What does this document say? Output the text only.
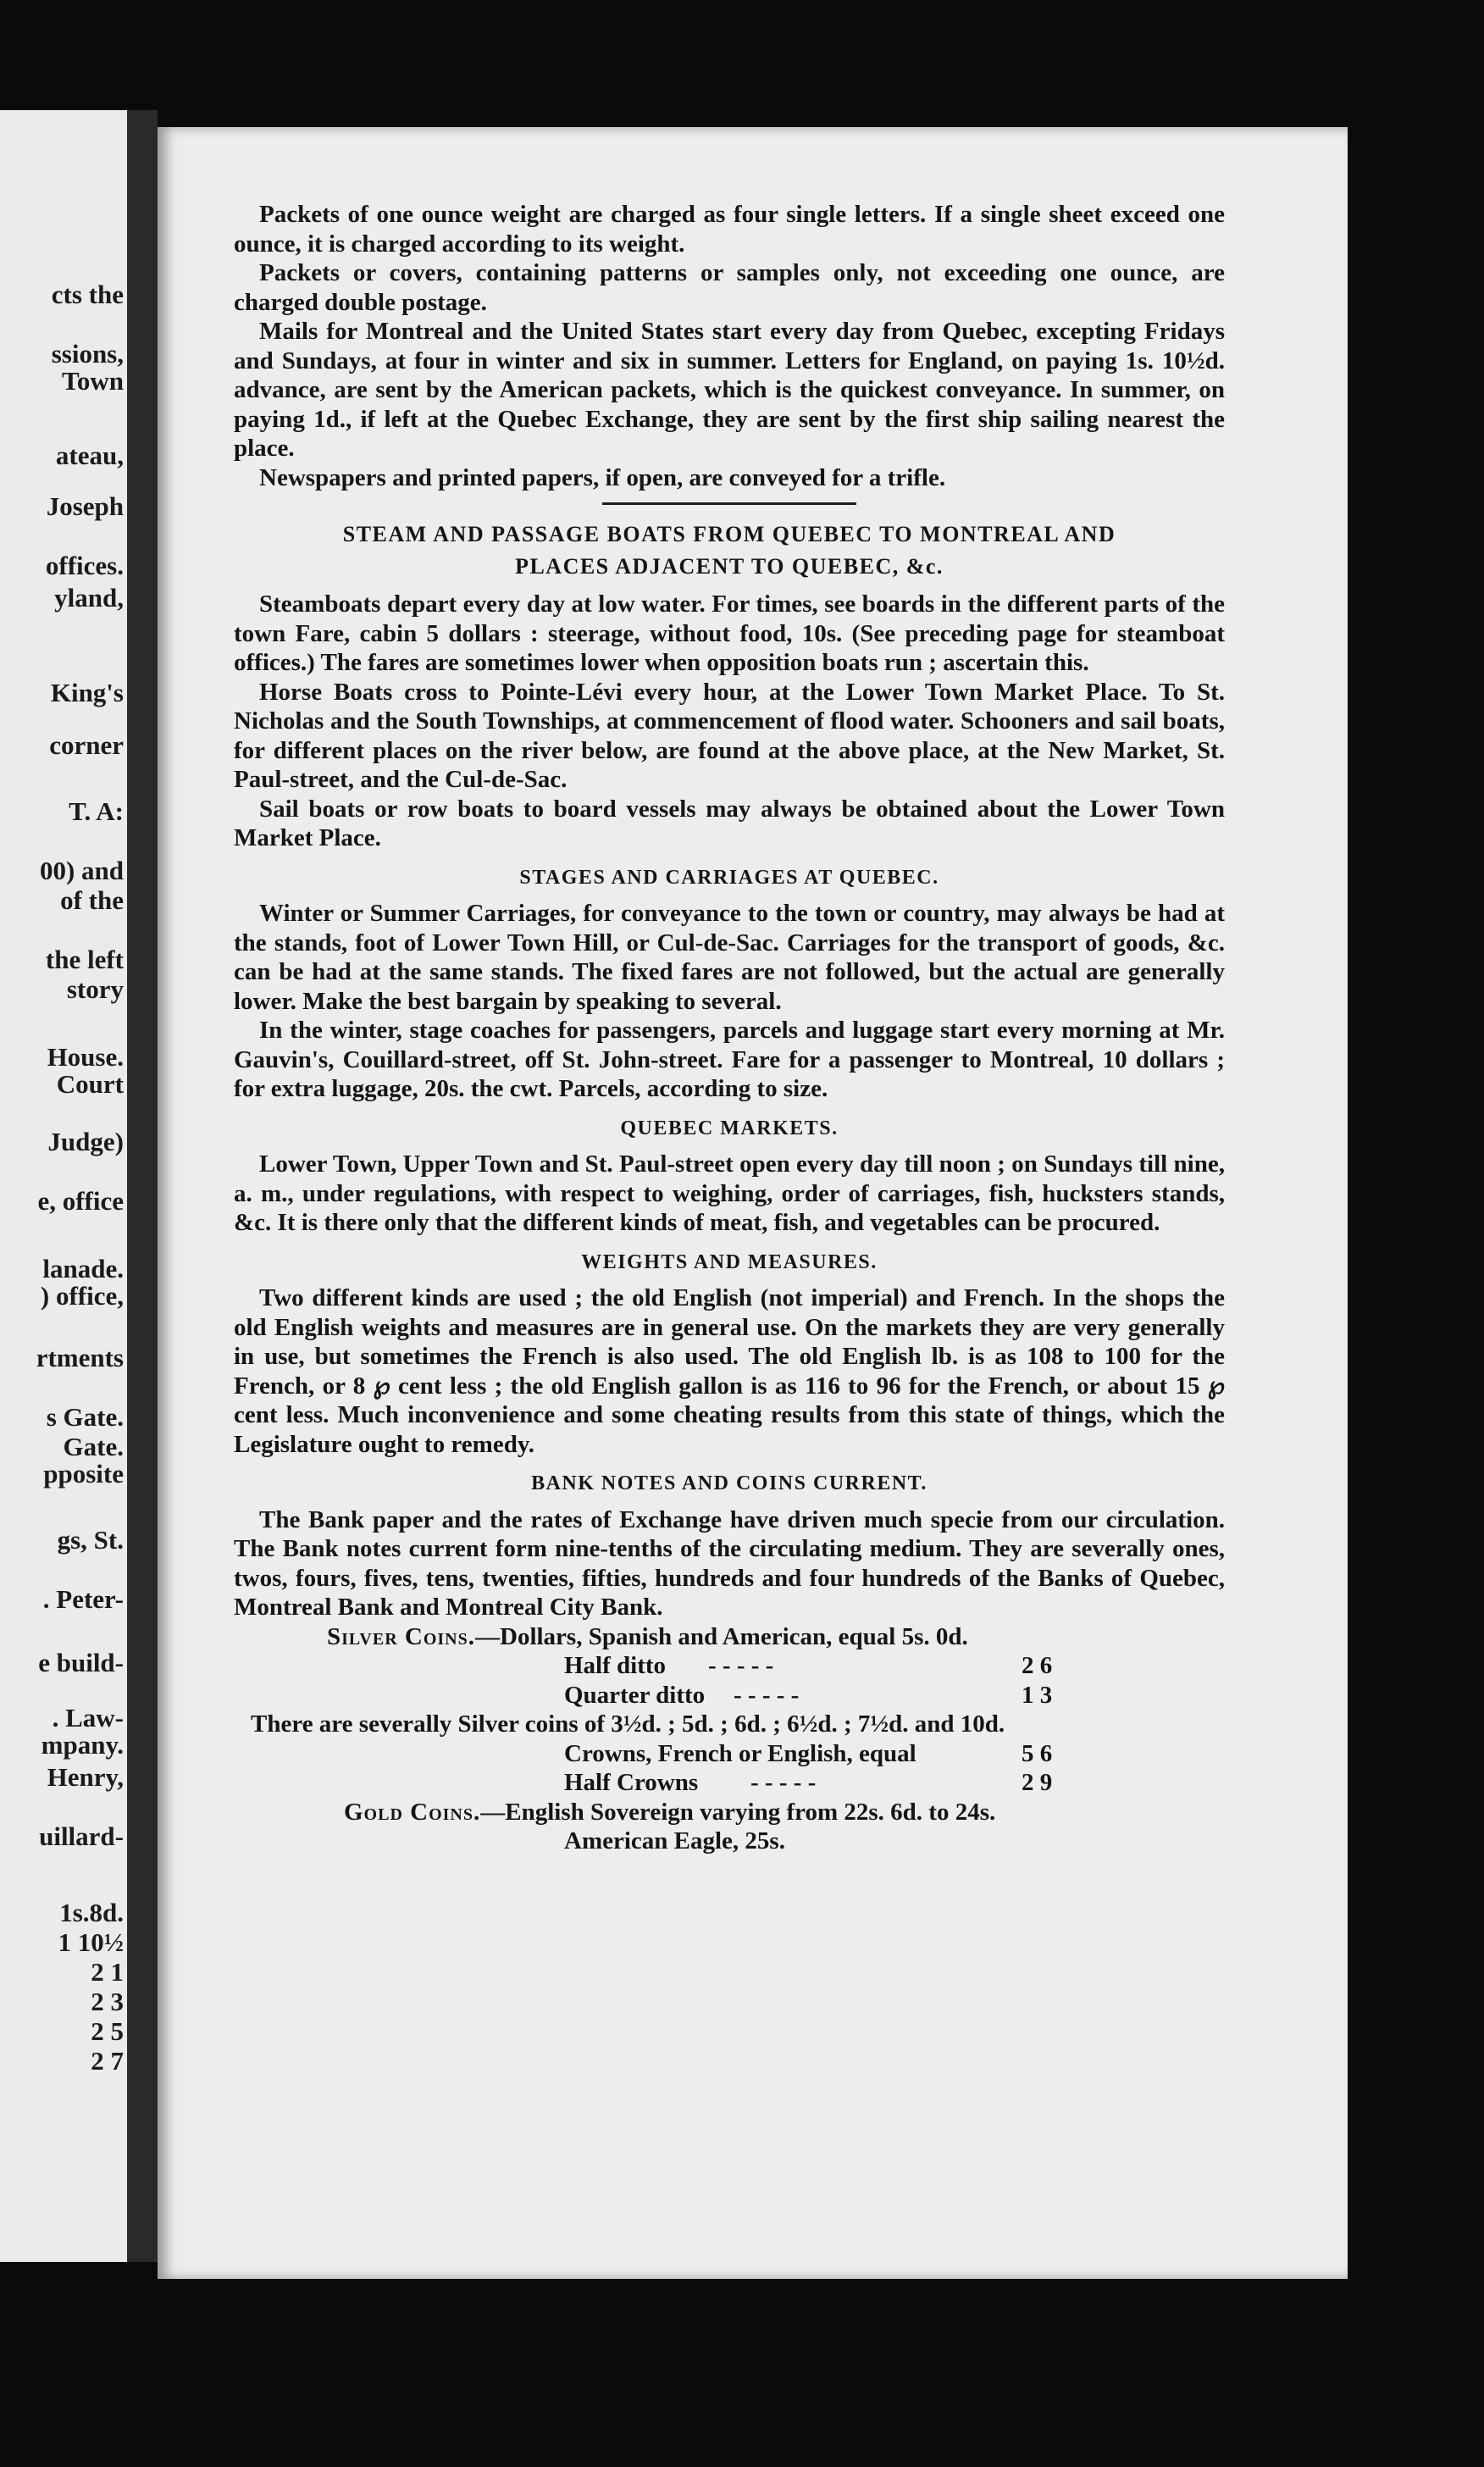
cts the
ssions,
Town
ateau,
Joseph
offices.
yland,
King's
corner
T. A:
00) and
of the
the left
story
House.
Court
Judge)
e, office
lanade.
) office,
rtments
s Gate.
Gate.
pposite
gs, St.
. Peter-
e build-
. Law-
mpany.
Henry,
uillard-
1s.8d.
1 10½
2 1
2 3
2 5
2 7

Packets of one ounce weight are charged as four single letters. If a single sheet exceed one ounce, it is charged according to its weight.

Packets or covers, containing patterns or samples only, not exceeding one ounce, are charged double postage.

Mails for Montreal and the United States start every day from Quebec, excepting Fridays and Sundays, at four in winter and six in summer. Letters for England, on paying 1s. 10½d. advance, are sent by the American packets, which is the quickest conveyance. In summer, on paying 1d., if left at the Quebec Exchange, they are sent by the first ship sailing nearest the place.

Newspapers and printed papers, if open, are conveyed for a trifle.

STEAM AND PASSAGE BOATS FROM QUEBEC TO MONTREAL AND
PLACES ADJACENT TO QUEBEC, &c.

Steamboats depart every day at low water. For times, see boards in the different parts of the town Fare, cabin 5 dollars : steerage, without food, 10s. (See preceding page for steamboat offices.) The fares are sometimes lower when opposition boats run ; ascertain this.

Horse Boats cross to Pointe-Lévi every hour, at the Lower Town Market Place. To St. Nicholas and the South Townships, at commencement of flood water. Schooners and sail boats, for different places on the river below, are found at the above place, at the New Market, St. Paul-street, and the Cul-de-Sac.

Sail boats or row boats to board vessels may always be obtained about the Lower Town Market Place.

STAGES AND CARRIAGES AT QUEBEC.

Winter or Summer Carriages, for conveyance to the town or country, may always be had at the stands, foot of Lower Town Hill, or Cul-de-Sac. Carriages for the transport of goods, &c. can be had at the same stands. The fixed fares are not followed, but the actual are generally lower. Make the best bargain by speaking to several.

In the winter, stage coaches for passengers, parcels and luggage start every morning at Mr. Gauvin's, Couillard-street, off St. John-street. Fare for a passenger to Montreal, 10 dollars ; for extra luggage, 20s. the cwt. Parcels, according to size.

QUEBEC MARKETS.

Lower Town, Upper Town and St. Paul-street open every day till noon ; on Sundays till nine, a. m., under regulations, with respect to weighing, order of carriages, fish, hucksters stands, &c. It is there only that the different kinds of meat, fish, and vegetables can be procured.

WEIGHTS AND MEASURES.

Two different kinds are used ; the old English (not imperial) and French. In the shops the old English weights and measures are in general use. On the markets they are very generally in use, but sometimes the French is also used. The old English lb. is as 108 to 100 for the French, or 8 ℘ cent less ; the old English gallon is as 116 to 96 for the French, or about 15 ℘ cent less. Much inconvenience and some cheating results from this state of things, which the Legislature ought to remedy.

BANK NOTES AND COINS CURRENT.

The Bank paper and the rates of Exchange have driven much specie from our circulation. The Bank notes current form nine-tenths of the circulating medium. They are severally ones, twos, fours, fives, tens, twenties, fifties, hundreds and four hundreds of the Banks of Quebec, Montreal Bank and Montreal City Bank.

Silver Coins. —Dollars, Spanish and American, equal 5s. 0d.
Half ditto	- - - - -	2 6
Quarter ditto	- - - - -	1 3
There are severally Silver coins of 3½d. ; 5d. ; 6d. ; 6½d. ; 7½d. and 10d.
Crowns, French or English, equal	5 6
Half Crowns	- - - - -	2 9
Gold Coins. —English Sovereign varying from 22s. 6d. to 24s.
American Eagle, 25s.
